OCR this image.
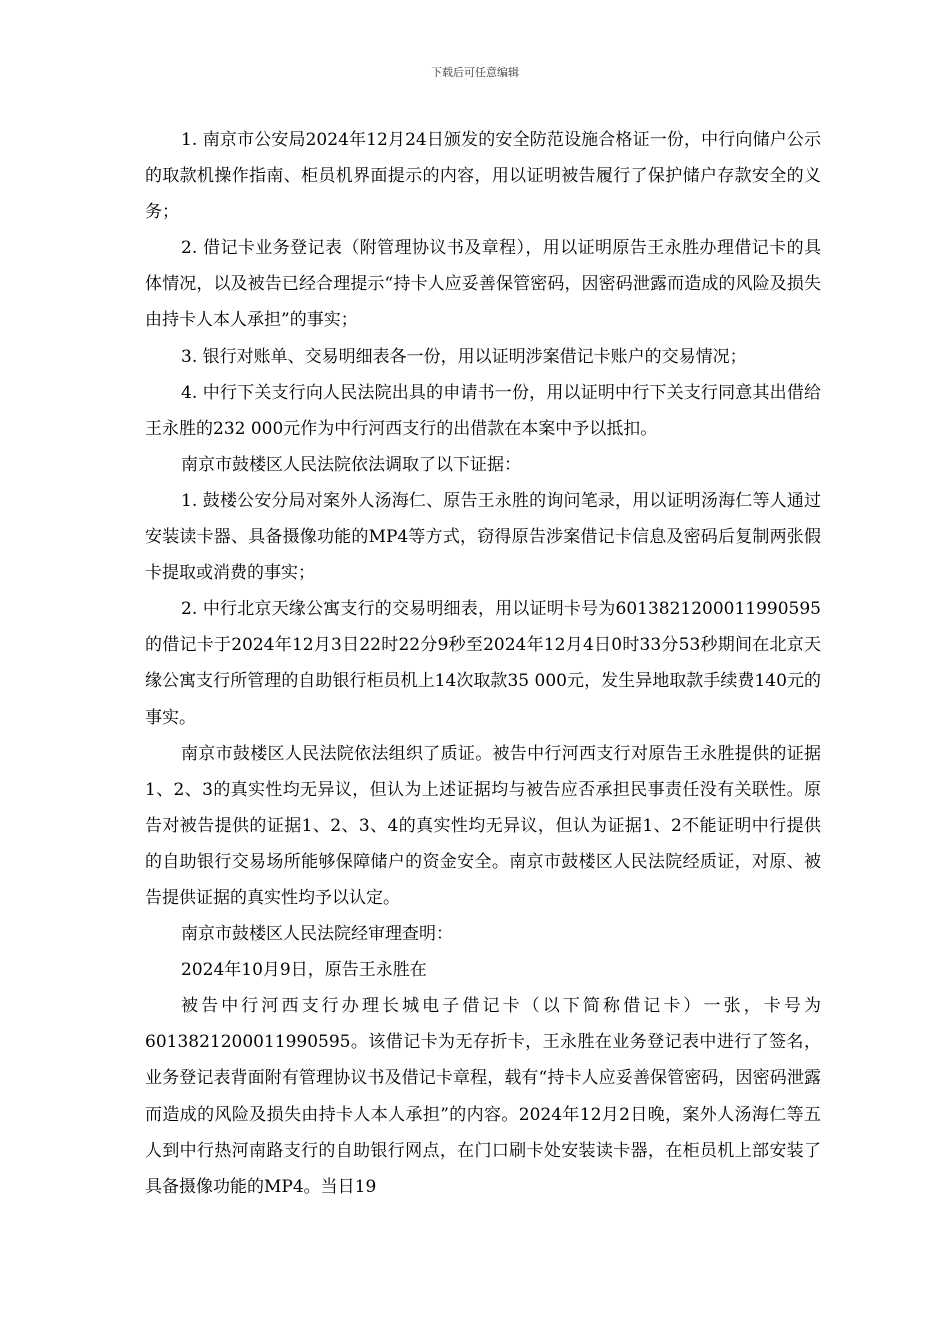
下载后可任意编辑

1. 南京市公安局2024年12月24日颁发的安全防范设施合格证一份，中行向储户公示的取款机操作指南、柜员机界面提示的内容，用以证明被告履行了保护储户存款安全的义务；

2. 借记卡业务登记表（附管理协议书及章程），用以证明原告王永胜办理借记卡的具体情况，以及被告已经合理提示“持卡人应妥善保管密码，因密码泄露而造成的风险及损失由持卡人本人承担”的事实；

3. 银行对账单、交易明细表各一份，用以证明涉案借记卡账户的交易情况；

4. 中行下关支行向人民法院出具的申请书一份，用以证明中行下关支行同意其出借给王永胜的232 000元作为中行河西支行的出借款在本案中予以抵扣。

南京市鼓楼区人民法院依法调取了以下证据：

1. 鼓楼公安分局对案外人汤海仁、原告王永胜的询问笔录，用以证明汤海仁等人通过安装读卡器、具备摄像功能的MP4等方式，窃得原告涉案借记卡信息及密码后复制两张假卡提取或消费的事实；

2. 中行北京天缘公寓支行的交易明细表，用以证明卡号为6013821200011990595的借记卡于2024年12月3日22时22分9秒至2024年12月4日0时33分53秒期间在北京天缘公寓支行所管理的自助银行柜员机上14次取款35 000元，发生异地取款手续费140元的事实。

南京市鼓楼区人民法院依法组织了质证。被告中行河西支行对原告王永胜提供的证据1、2、3的真实性均无异议，但认为上述证据均与被告应否承担民事责任没有关联性。原告对被告提供的证据1、2、3、4的真实性均无异议，但认为证据1、2不能证明中行提供的自助银行交易场所能够保障储户的资金安全。南京市鼓楼区人民法院经质证，对原、被告提供证据的真实性均予以认定。

南京市鼓楼区人民法院经审理查明：

2024年10月9日，原告王永胜在

被告中行河西支行办理长城电子借记卡（以下简称借记卡）一张，卡号为6013821200011990595。该借记卡为无存折卡，王永胜在业务登记表中进行了签名，业务登记表背面附有管理协议书及借记卡章程，载有“持卡人应妥善保管密码，因密码泄露而造成的风险及损失由持卡人本人承担”的内容。2024年12月2日晚，案外人汤海仁等五人到中行热河南路支行的自助银行网点，在门口刷卡处安装读卡器，在柜员机上部安装了具备摄像功能的MP4。当日19
